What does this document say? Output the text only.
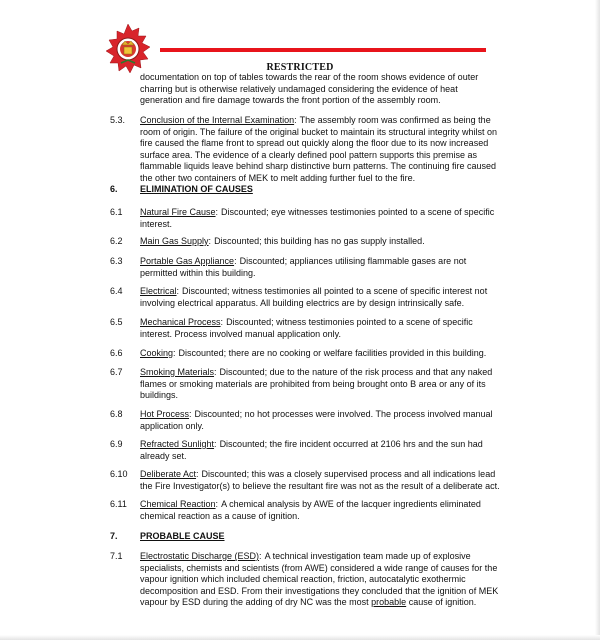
RESTRICTED
documentation on top of tables towards the rear of the room shows evidence of outer charring but is otherwise relatively undamaged considering the evidence of heat generation and fire damage towards the front portion of the assembly room.
5.3. Conclusion of the Internal Examination: The assembly room was confirmed as being the room of origin. The failure of the original bucket to maintain its structural integrity whilst on fire caused the flame front to spread out quickly along the floor due to its now increased surface area. The evidence of a clearly defined pool pattern supports this premise as flammable liquids leave behind sharp distinctive burn patterns. The continuing fire caused the other two containers of MEK to melt adding further fuel to the fire.
6. ELIMINATION OF CAUSES
6.1 Natural Fire Cause: Discounted; eye witnesses testimonies pointed to a scene of specific interest.
6.2 Main Gas Supply: Discounted; this building has no gas supply installed.
6.3 Portable Gas Appliance: Discounted; appliances utilising flammable gases are not permitted within this building.
6.4 Electrical: Discounted; witness testimonies all pointed to a scene of specific interest not involving electrical apparatus. All building electrics are by design intrinsically safe.
6.5 Mechanical Process: Discounted; witness testimonies pointed to a scene of specific interest. Process involved manual application only.
6.6 Cooking: Discounted; there are no cooking or welfare facilities provided in this building.
6.7 Smoking Materials: Discounted; due to the nature of the risk process and that any naked flames or smoking materials are prohibited from being brought onto B area or any of its buildings.
6.8 Hot Process: Discounted; no hot processes were involved. The process involved manual application only.
6.9 Refracted Sunlight: Discounted; the fire incident occurred at 2106 hrs and the sun had already set.
6.10 Deliberate Act: Discounted; this was a closely supervised process and all indications lead the Fire Investigator(s) to believe the resultant fire was not as the result of a deliberate act.
6.11 Chemical Reaction: A chemical analysis by AWE of the lacquer ingredients eliminated chemical reaction as a cause of ignition.
7. PROBABLE CAUSE
7.1 Electrostatic Discharge (ESD): A technical investigation team made up of explosive specialists, chemists and scientists (from AWE) considered a wide range of causes for the vapour ignition which included chemical reaction, friction, autocatalytic exothermic decomposition and ESD. From their investigations they concluded that the ignition of MEK vapour by ESD during the adding of dry NC was the most probable cause of ignition.
